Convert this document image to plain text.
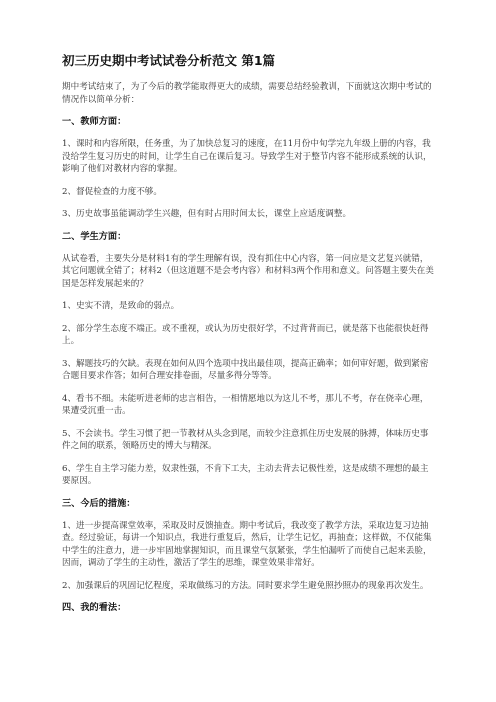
初三历史期中考试试卷分析范文 第1篇
期中考试结束了，为了今后的教学能取得更大的成绩，需要总结经验教训，下面就这次期中考试的情况作以简单分析：
一、教师方面：
1、课时和内容所限，任务重，为了加快总复习的速度，在11月份中旬学完九年级上册的内容，我没给学生复习历史的时间，让学生自己在课后复习。导致学生对于整节内容不能形成系统的认识，影响了他们对教材内容的掌握。
2、督促检查的力度不够。
3、历史故事虽能调动学生兴趣，但有时占用时间太长，课堂上应适度调整。
二、学生方面：
从试卷看，主要失分是材料1有的学生理解有误，没有抓住中心内容，第一问应是文艺复兴就错，其它问题就全错了；材料2（但这道题不是会考内容）和材料3两个作用和意义。问答题主要失在美国是怎样发展起来的？
1、史实不清，是致命的弱点。
2、部分学生态度不端正。或不重视，或认为历史很好学，不过背背而已，就是落下也能很快赶得上。
3、解题技巧的欠缺。表现在如何从四个选项中找出最佳项，提高正确率；如何审好题，做到紧密合题目要求作答；如何合理安排卷面，尽量多得分等等。
4、看书不细。未能听进老师的忠言相告，一相情愿地以为这儿不考，那儿不考，存在侥幸心理，果遭受沉重一击。
5、不会读书。学生习惯了把一节教材从头念到尾，而较少注意抓住历史发展的脉搏，体味历史事件之间的联系，领略历史的博大与精深。
6、学生自主学习能力差，奴隶性强，不肯下工夫，主动去背去记极性差，这是成绩不理想的最主要原因。
三、今后的措施：
1、进一步提高课堂效率，采取及时反馈抽查。期中考试后，我改变了教学方法，采取边复习边抽查。经过验证，每讲一个知识点，我进行重复后，然后，让学生记忆，再抽查；这样做，不仅能集中学生的注意力，进一步牢固地掌握知识，而且课堂气氛紧张，学生怕漏听了而使自己起来丢脸，因而，调动了学生的主动性，激活了学生的思维，课堂效果非常好。
2、加强课后的巩固记忆程度，采取做练习的方法。同时要求学生避免照抄照办的现象再次发生。
四、我的看法：
